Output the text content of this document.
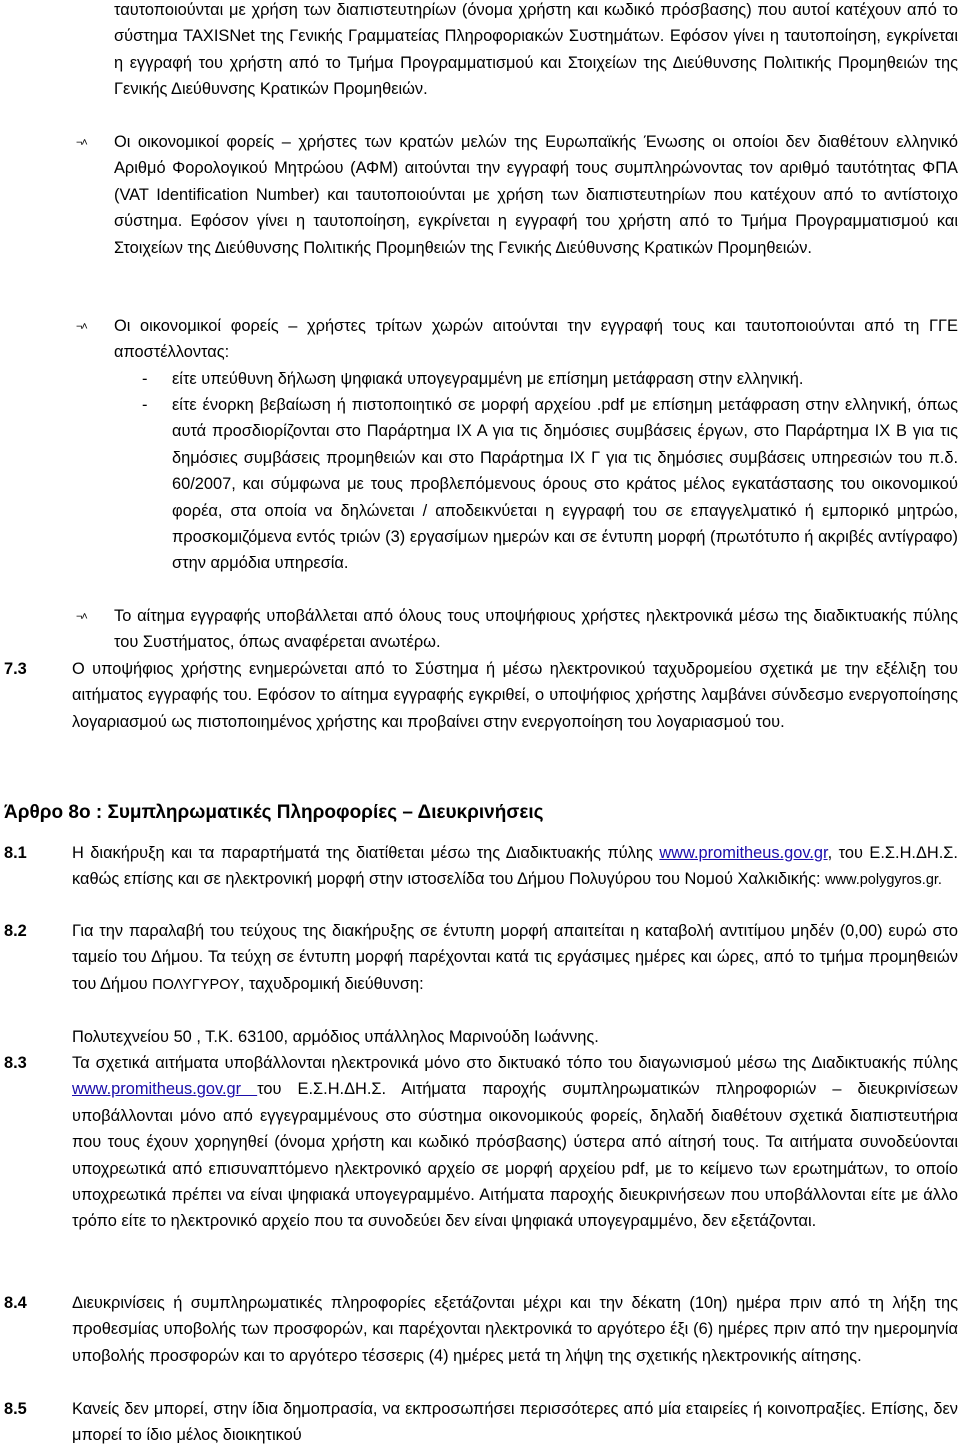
ταυτοποιούνται με χρήση των διαπιστευτηρίων (όνομα χρήστη και κωδικό πρόσβασης) που αυτοί κατέχουν από το σύστημα TAXISNet της Γενικής Γραμματείας Πληροφοριακών Συστημάτων. Εφόσον γίνει η ταυτοποίηση, εγκρίνεται η εγγραφή του χρήστη από το Τμήμα Προγραμματισμού και Στοιχείων της Διεύθυνσης Πολιτικής Προμηθειών της Γενικής Διεύθυνσης Κρατικών Προμηθειών.
¬˄	Οι οικονομικοί φορείς – χρήστες των κρατών μελών της Ευρωπαϊκής Ένωσης οι οποίοι δεν διαθέτουν ελληνικό Αριθμό Φορολογικού Μητρώου (ΑΦΜ) αιτούνται την εγγραφή τους συμπληρώνοντας τον αριθμό ταυτότητας ΦΠΑ (VAT Identification Number) και ταυτοποιούνται με χρήση των διαπιστευτηρίων που κατέχουν από το αντίστοιχο σύστημα. Εφόσον γίνει η ταυτοποίηση, εγκρίνεται η εγγραφή του χρήστη από το Τμήμα Προγραμματισμού και Στοιχείων της Διεύθυνσης Πολιτικής Προμηθειών της Γενικής Διεύθυνσης Κρατικών Προμηθειών.
¬˄	Οι οικονομικοί φορείς – χρήστες τρίτων χωρών αιτούνται την εγγραφή τους και ταυτοποιούνται από τη ΓΓΕ αποστέλλοντας:
- είτε υπεύθυνη δήλωση ψηφιακά υπογεγραμμένη με επίσημη μετάφραση στην ελληνική.
- είτε ένορκη βεβαίωση ή πιστοποιητικό σε μορφή αρχείου .pdf με επίσημη μετάφραση στην ελληνική, όπως αυτά προσδιορίζονται στο Παράρτημα IX A για τις δημόσιες συμβάσεις έργων, στο Παράρτημα IX B για τις δημόσιες συμβάσεις προμηθειών και στο Παράρτημα IX Γ για τις δημόσιες συμβάσεις υπηρεσιών του π.δ. 60/2007, και σύμφωνα με τους προβλεπόμενους όρους στο κράτος μέλος εγκατάστασης του οικονομικού φορέα, στα οποία να δηλώνεται / αποδεικνύεται η εγγραφή του σε επαγγελματικό ή εμπορικό μητρώο, προσκομιζόμενα εντός τριών (3) εργασίμων ημερών και σε έντυπη μορφή (πρωτότυπο ή ακριβές αντίγραφο) στην αρμόδια υπηρεσία.
¬˄	Το αίτημα εγγραφής υποβάλλεται από όλους τους υποψήφιους χρήστες ηλεκτρονικά μέσω της διαδικτυακής πύλης του Συστήματος, όπως αναφέρεται ανωτέρω.
7.3	Ο υποψήφιος χρήστης ενημερώνεται από το Σύστημα ή μέσω ηλεκτρονικού ταχυδρομείου σχετικά με την εξέλιξη του αιτήματος εγγραφής του. Εφόσον το αίτημα εγγραφής εγκριθεί, ο υποψήφιος χρήστης λαμβάνει σύνδεσμο ενεργοποίησης λογαριασμού ως πιστοποιημένος χρήστης και προβαίνει στην ενεργοποίηση του λογαριασμού του.
Άρθρο 8ο : Συμπληρωματικές Πληροφορίες – Διευκρινήσεις
8.1	Η διακήρυξη και τα παραρτήματά της διατίθεται μέσω της Διαδικτυακής πύλης www.promitheus.gov.gr, του Ε.Σ.Η.ΔΗ.Σ. καθώς επίσης και σε ηλεκτρονική μορφή στην ιστοσελίδα του Δήμου Πολυγύρου του Νομού Χαλκιδικής: www.polygyros.gr.
8.2	Για την παραλαβή του τεύχους της διακήρυξης σε έντυπη μορφή απαιτείται η καταβολή αντιτίμου μηδέν (0,00) ευρώ στο ταμείο του Δήμου. Τα τεύχη σε έντυπη μορφή παρέχονται κατά τις εργάσιμες ημέρες και ώρες, από το τμήμα προμηθειών του Δήμου ΠΟΛΥΓΥΡΟΥ, ταχυδρομική διεύθυνση:
Πολυτεχνείου 50 , Τ.Κ. 63100, αρμόδιος υπάλληλος Μαρινούδη Ιωάννης.
8.3	Τα σχετικά αιτήματα υποβάλλονται ηλεκτρονικά μόνο στο δικτυακό τόπο του διαγωνισμού μέσω της Διαδικτυακής πύλης www.promitheus.gov.gr του Ε.Σ.Η.ΔΗ.Σ. Αιτήματα παροχής συμπληρωματικών πληροφοριών – διευκρινίσεων υποβάλλονται μόνο από εγγεγραμμένους στο σύστημα οικονομικούς φορείς, δηλαδή διαθέτουν σχετικά διαπιστευτήρια που τους έχουν χορηγηθεί (όνομα χρήστη και κωδικό πρόσβασης) ύστερα από αίτησή τους. Τα αιτήματα συνοδεύονται υποχρεωτικά από επισυναπτόμενο ηλεκτρονικό αρχείο σε μορφή αρχείου pdf, με το κείμενο των ερωτημάτων, το οποίο υποχρεωτικά πρέπει να είναι ψηφιακά υπογεγραμμένο. Αιτήματα παροχής διευκρινήσεων που υποβάλλονται είτε με άλλο τρόπο είτε το ηλεκτρονικό αρχείο που τα συνοδεύει δεν είναι ψηφιακά υπογεγραμμένο, δεν εξετάζονται.
8.4	Διευκρινίσεις ή συμπληρωματικές πληροφορίες εξετάζονται μέχρι και την δέκατη (10η) ημέρα πριν από τη λήξη της προθεσμίας υποβολής των προσφορών, και παρέχονται ηλεκτρονικά το αργότερο έξι (6) ημέρες πριν από την ημερομηνία υποβολής προσφορών και το αργότερο τέσσερις (4) ημέρες μετά τη λήψη της σχετικής ηλεκτρονικής αίτησης.
8.5	Κανείς δεν μπορεί, στην ίδια δημοπρασία, να εκπροσωπήσει περισσότερες από μία εταιρείες ή κοινοπραξίες. Επίσης, δεν μπορεί το ίδιο μέλος διοικητικού
